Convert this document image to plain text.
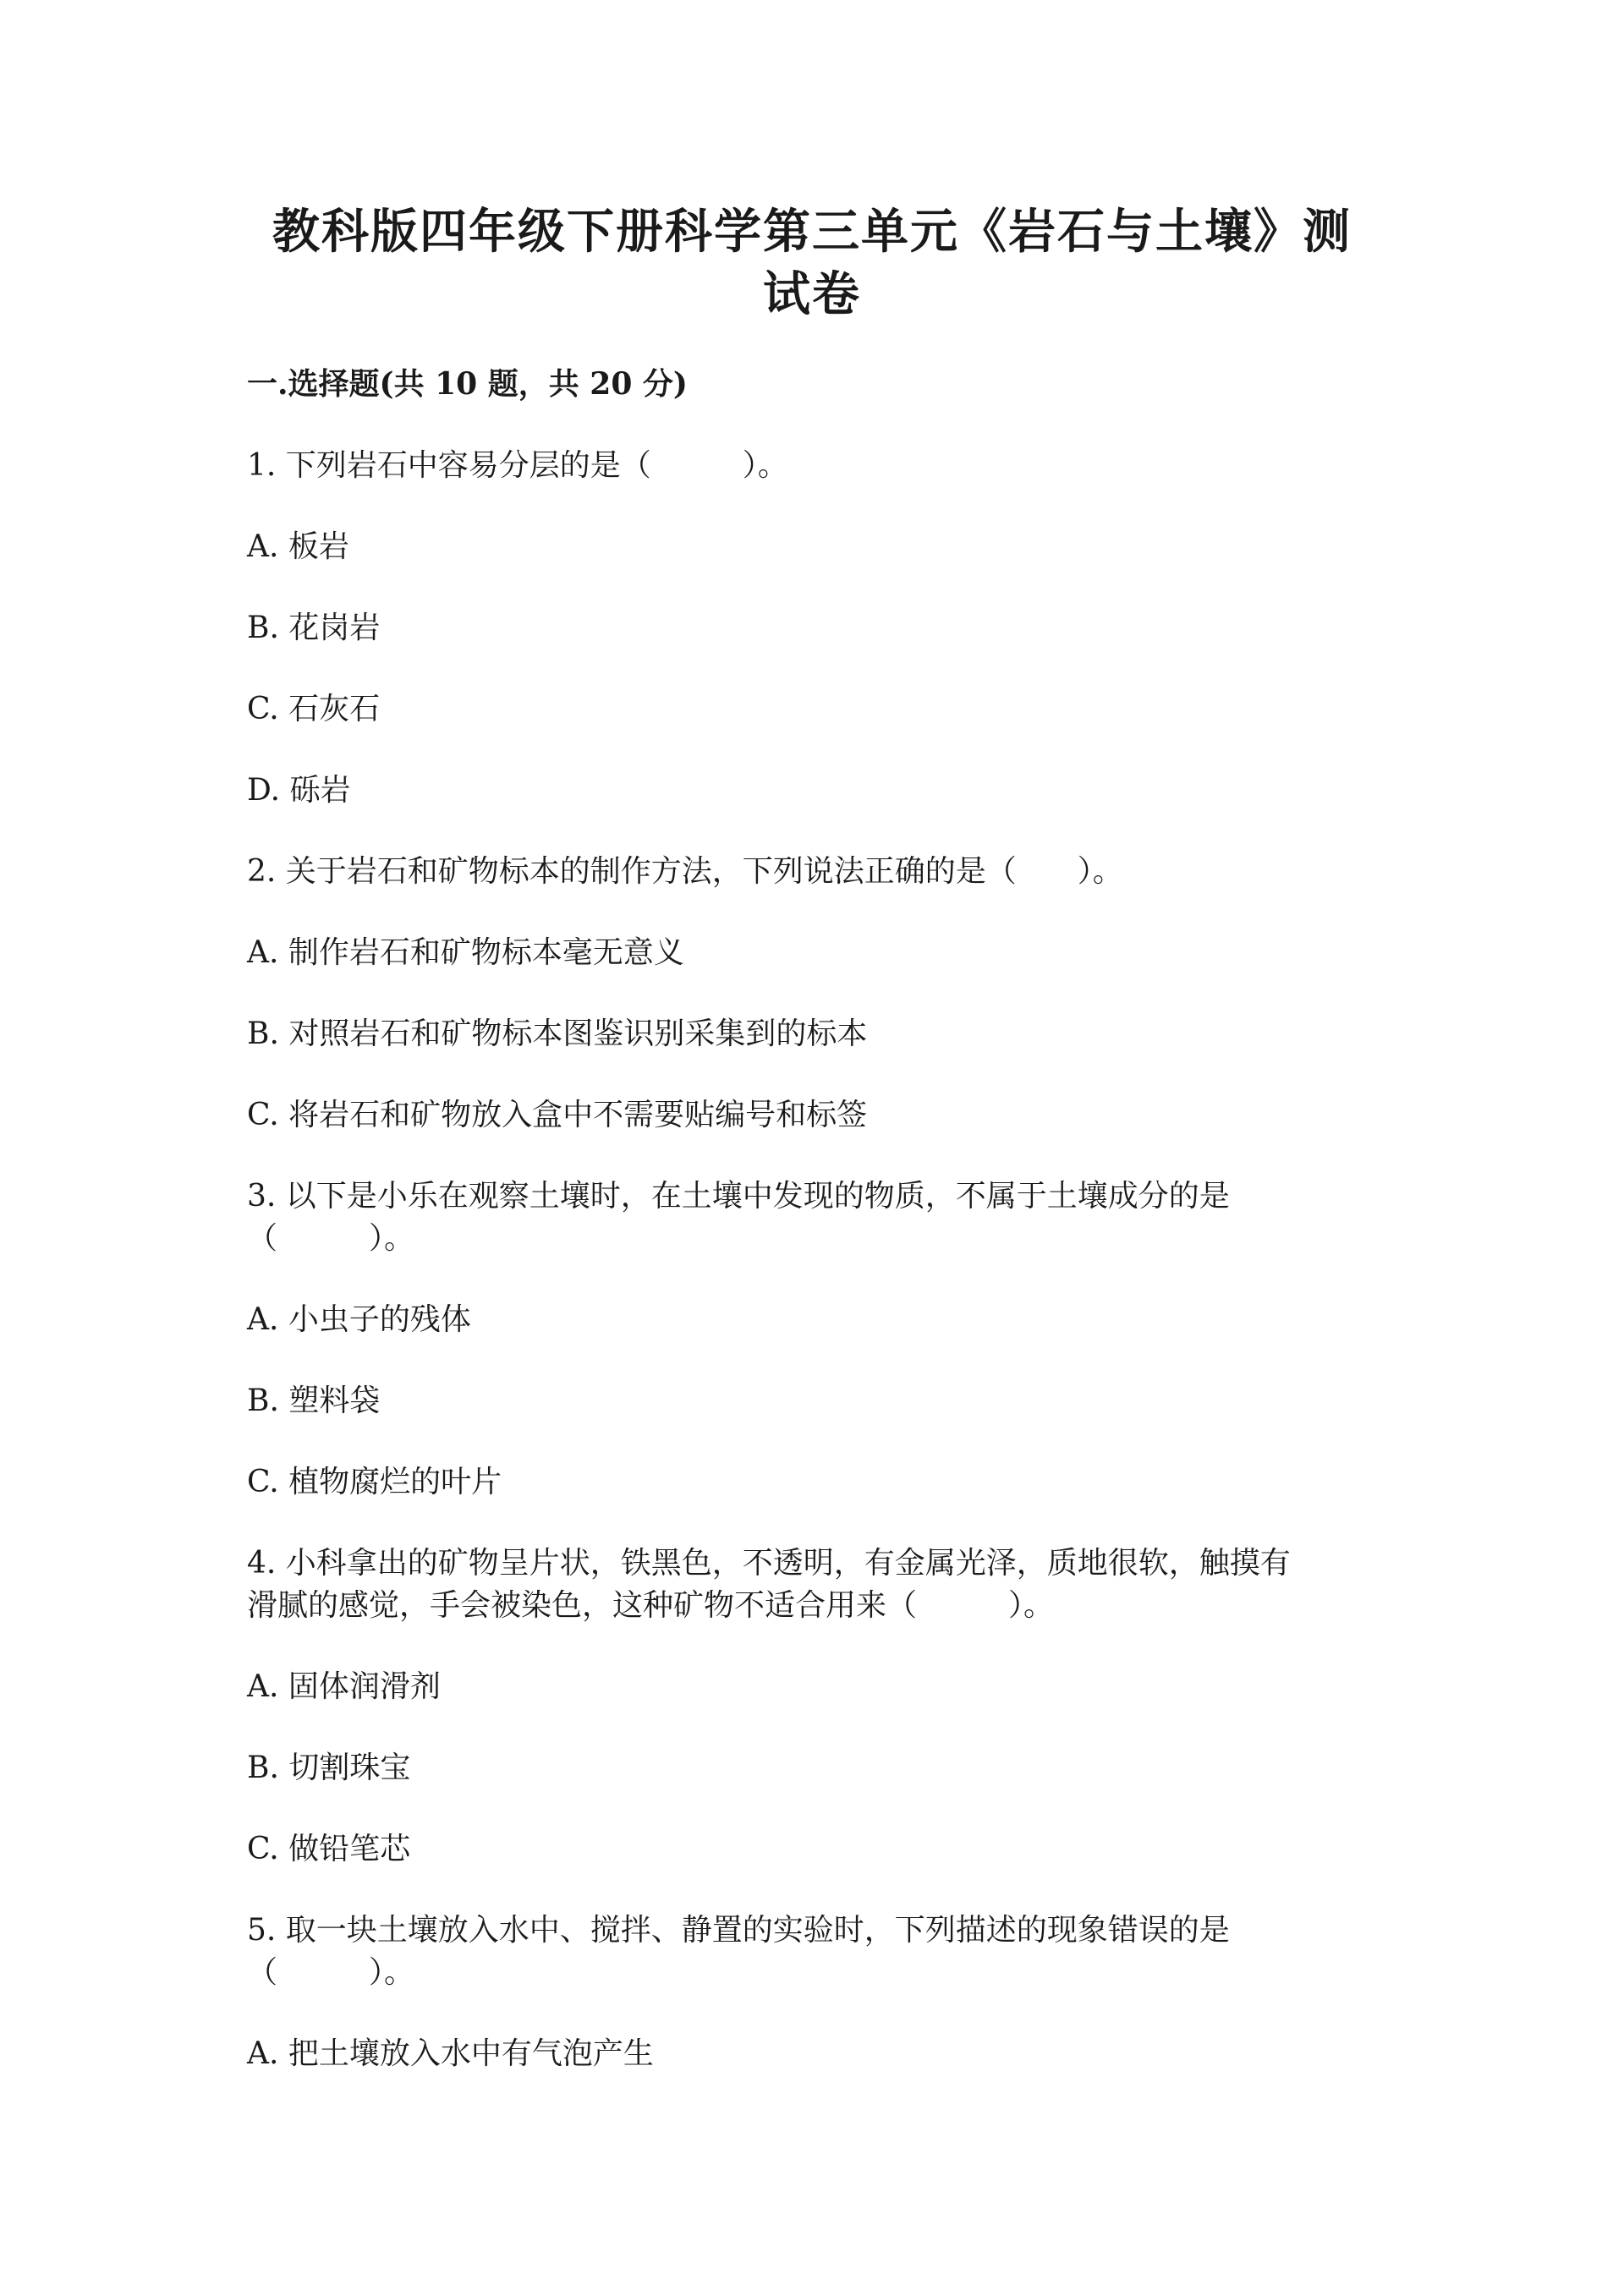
教科版四年级下册科学第三单元《岩石与土壤》测
试卷
一.选择题(共 10 题，共 20 分)
1. 下列岩石中容易分层的是（　　　）。
A. 板岩
B. 花岗岩
C. 石灰石
D. 砾岩
2. 关于岩石和矿物标本的制作方法，下列说法正确的是（　　）。
A. 制作岩石和矿物标本毫无意义
B. 对照岩石和矿物标本图鉴识别采集到的标本
C. 将岩石和矿物放入盒中不需要贴编号和标签
3. 以下是小乐在观察土壤时，在土壤中发现的物质，不属于土壤成分的是
（　　　）。
A. 小虫子的残体
B. 塑料袋
C. 植物腐烂的叶片
4. 小科拿出的矿物呈片状，铁黑色，不透明，有金属光泽，质地很软，触摸有
滑腻的感觉，手会被染色，这种矿物不适合用来（　　　）。
A. 固体润滑剂
B. 切割珠宝
C. 做铅笔芯
5. 取一块土壤放入水中、搅拌、静置的实验时，下列描述的现象错误的是
（　　　）。
A. 把土壤放入水中有气泡产生
